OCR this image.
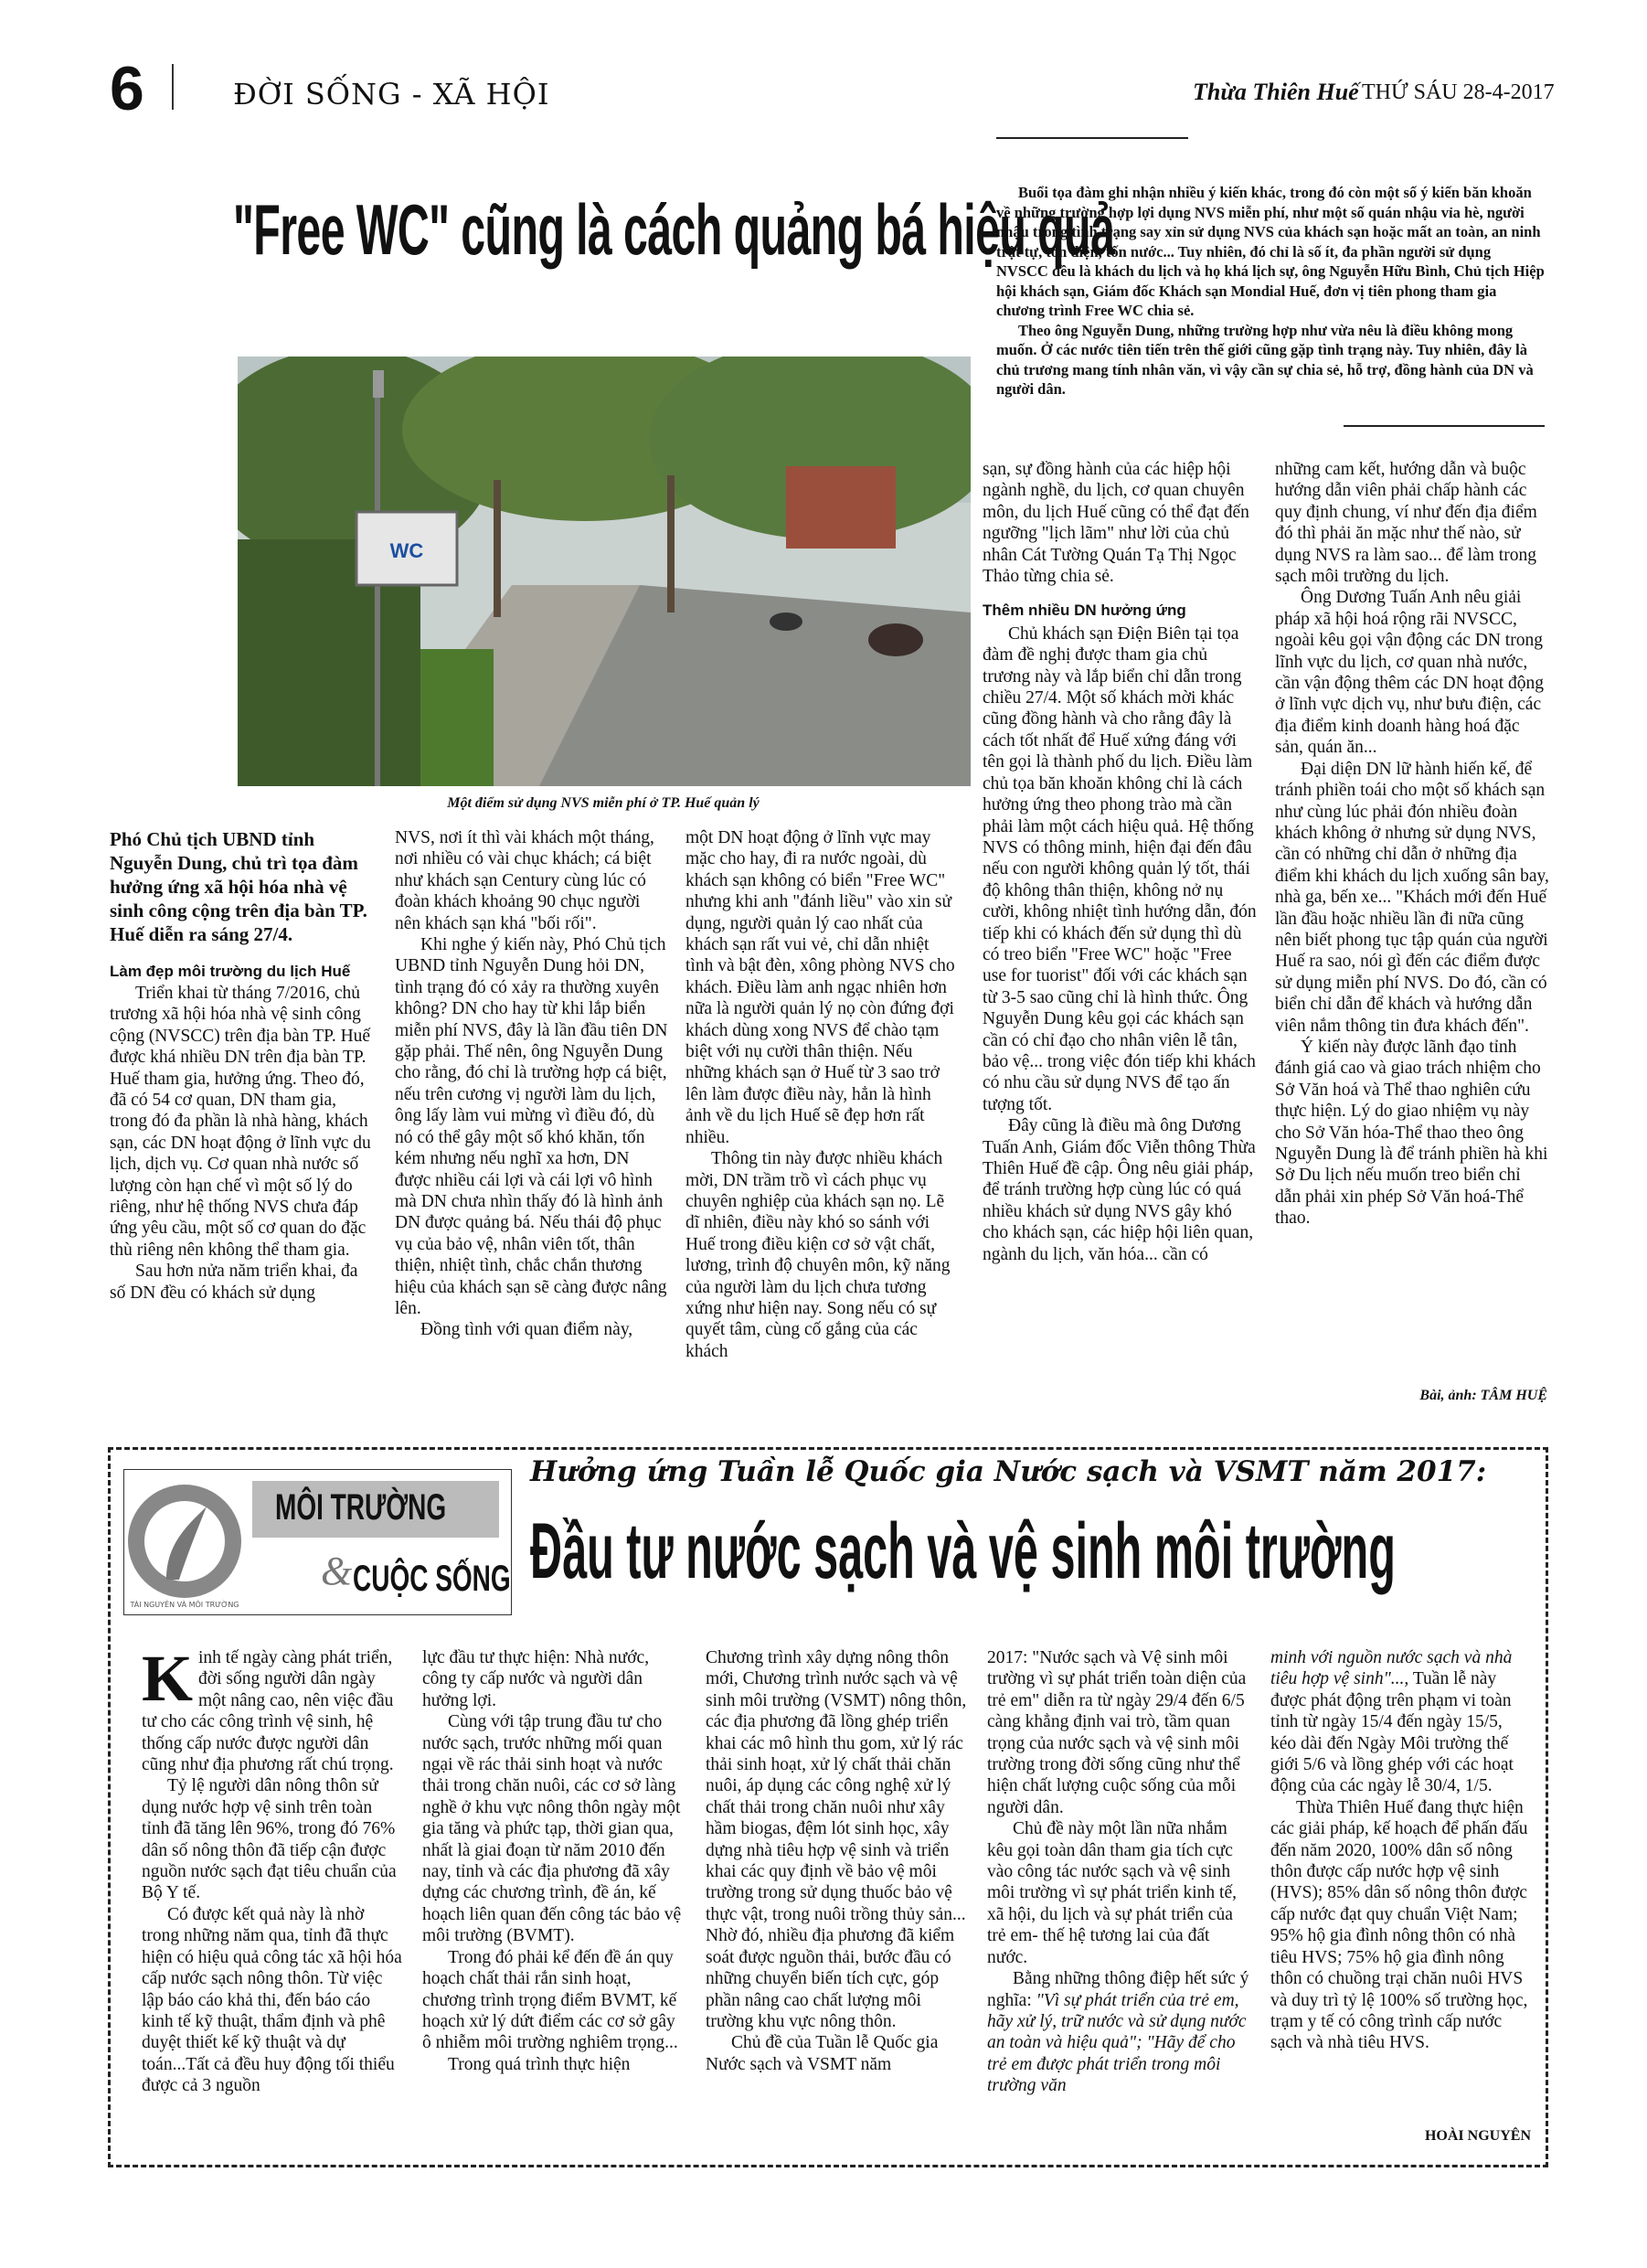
6	ĐỜI SỐNG - XÃ HỘI	Thừa Thiên Huế THỨ SÁU 28-4-2017
"Free WC" cũng là cách quảng bá hiệu quả

Buổi tọa đàm ghi nhận nhiều ý kiến khác, trong đó còn một số ý kiến băn khoăn về những trường hợp lợi dụng NVS miễn phí, như một số quán nhậu vỉa hè, người nhậu trong tình trạng say xỉn sử dụng NVS của khách sạn hoặc mất an toàn, an ninh trật tự, tốn điện, tốn nước... Tuy nhiên, đó chỉ là số ít, đa phần người sử dụng NVSCC đều là khách du lịch và họ khá lịch sự, ông Nguyễn Hữu Bình, Chủ tịch Hiệp hội khách sạn, Giám đốc Khách sạn Mondial Huế, đơn vị tiên phong tham gia chương trình Free WC chia sẻ.

Theo ông Nguyễn Dung, những trường hợp như vừa nêu là điều không mong muốn. Ở các nước tiên tiến trên thế giới cũng gặp tình trạng này. Tuy nhiên, đây là chủ trương mang tính nhân văn, vì vậy cần sự chia sẻ, hỗ trợ, đồng hành của DN và người dân.

WC
Một điểm sử dụng NVS miễn phí ở TP. Huế quản lý
Phó Chủ tịch UBND tỉnh Nguyễn Dung, chủ trì tọa đàm hưởng ứng xã hội hóa nhà vệ sinh công cộng trên địa bàn TP. Huế diễn ra sáng 27/4.
Làm đẹp môi trường du lịch Huế

Triển khai từ tháng 7/2016, chủ trương xã hội hóa nhà vệ sinh công cộng (NVSCC) trên địa bàn TP. Huế được khá nhiều DN trên địa bàn TP. Huế tham gia, hưởng ứng. Theo đó, đã có 54 cơ quan, DN tham gia, trong đó đa phần là nhà hàng, khách sạn, các DN hoạt động ở lĩnh vực du lịch, dịch vụ. Cơ quan nhà nước số lượng còn hạn chế vì một số lý do riêng, như hệ thống NVS chưa đáp ứng yêu cầu, một số cơ quan do đặc thù riêng nên không thể tham gia.

Sau hơn nửa năm triển khai, đa số DN đều có khách sử dụng

NVS, nơi ít thì vài khách một tháng, nơi nhiều có vài chục khách; cá biệt như khách sạn Century cùng lúc có đoàn khách khoảng 90 chục người nên khách sạn khá "bối rối".

Khi nghe ý kiến này, Phó Chủ tịch UBND tỉnh Nguyễn Dung hỏi DN, tình trạng đó có xảy ra thường xuyên không? DN cho hay từ khi lắp biển miễn phí NVS, đây là lần đầu tiên DN gặp phải. Thế nên, ông Nguyễn Dung cho rằng, đó chỉ là trường hợp cá biệt, nếu trên cương vị người làm du lịch, ông lấy làm vui mừng vì điều đó, dù nó có thể gây một số khó khăn, tốn kém nhưng nếu nghĩ xa hơn, DN được nhiều cái lợi và cái lợi vô hình mà DN chưa nhìn thấy đó là hình ảnh DN được quảng bá. Nếu thái độ phục vụ của bảo vệ, nhân viên tốt, thân thiện, nhiệt tình, chắc chắn thương hiệu của khách sạn sẽ càng được nâng lên.

Đồng tình với quan điểm này,

một DN hoạt động ở lĩnh vực may mặc cho hay, đi ra nước ngoài, dù khách sạn không có biển "Free WC" nhưng khi anh "đánh liều" vào xin sử dụng, người quản lý cao nhất của khách sạn rất vui vẻ, chỉ dẫn nhiệt tình và bật đèn, xông phòng NVS cho khách. Điều làm anh ngạc nhiên hơn nữa là người quản lý nọ còn đứng đợi khách dùng xong NVS để chào tạm biệt với nụ cười thân thiện. Nếu những khách sạn ở Huế từ 3 sao trở lên làm được điều này, hẳn là hình ảnh về du lịch Huế sẽ đẹp hơn rất nhiều.

Thông tin này được nhiều khách mời, DN trầm trồ vì cách phục vụ chuyên nghiệp của khách sạn nọ. Lẽ dĩ nhiên, điều này khó so sánh với Huế trong điều kiện cơ sở vật chất, lương, trình độ chuyên môn, kỹ năng của người làm du lịch chưa tương xứng như hiện nay. Song nếu có sự quyết tâm, cùng cố gắng của các khách

sạn, sự đồng hành của các hiệp hội ngành nghề, du lịch, cơ quan chuyên môn, du lịch Huế cũng có thể đạt đến ngưỡng "lịch lãm" như lời của chủ nhân Cát Tường Quán Tạ Thị Ngọc Thảo từng chia sẻ.

Thêm nhiều DN hưởng ứng

Chủ khách sạn Điện Biên tại tọa đàm đề nghị được tham gia chủ trương này và lắp biển chỉ dẫn trong chiều 27/4. Một số khách mời khác cũng đồng hành và cho rằng đây là cách tốt nhất để Huế xứng đáng với tên gọi là thành phố du lịch. Điều làm chủ tọa băn khoăn không chỉ là cách hưởng ứng theo phong trào mà cần phải làm một cách hiệu quả. Hệ thống NVS có thông minh, hiện đại đến đâu nếu con người không quản lý tốt, thái độ không thân thiện, không nở nụ cười, không nhiệt tình hướng dẫn, đón tiếp khi có khách đến sử dụng thì dù có treo biển "Free WC" hoặc "Free use for tuorist" đối với các khách sạn từ 3-5 sao cũng chỉ là hình thức. Ông Nguyễn Dung kêu gọi các khách sạn cần có chỉ đạo cho nhân viên lễ tân, bảo vệ... trong việc đón tiếp khi khách có nhu cầu sử dụng NVS để tạo ấn tượng tốt.

Đây cũng là điều mà ông Dương Tuấn Anh, Giám đốc Viễn thông Thừa Thiên Huế đề cập. Ông nêu giải pháp, để tránh trường hợp cùng lúc có quá nhiều khách sử dụng NVS gây khó cho khách sạn, các hiệp hội liên quan, ngành du lịch, văn hóa... cần có

những cam kết, hướng dẫn và buộc hướng dẫn viên phải chấp hành các quy định chung, ví như đến địa điểm đó thì phải ăn mặc như thế nào, sử dụng NVS ra làm sao... để làm trong sạch môi trường du lịch.

Ông Dương Tuấn Anh nêu giải pháp xã hội hoá rộng rãi NVSCC, ngoài kêu gọi vận động các DN trong lĩnh vực du lịch, cơ quan nhà nước, cần vận động thêm các DN hoạt động ở lĩnh vực dịch vụ, như bưu điện, các địa điểm kinh doanh hàng hoá đặc sản, quán ăn...

Đại diện DN lữ hành hiến kế, để tránh phiền toái cho một số khách sạn như cùng lúc phải đón nhiều đoàn khách không ở nhưng sử dụng NVS, cần có những chỉ dẫn ở những địa điểm khi khách du lịch xuống sân bay, nhà ga, bến xe... "Khách mới đến Huế lần đầu hoặc nhiều lần đi nữa cũng nên biết phong tục tập quán của người Huế ra sao, nói gì đến các điểm được sử dụng miễn phí NVS. Do đó, cần có biển chỉ dẫn để khách và hướng dẫn viên nắm thông tin đưa khách đến".

Ý kiến này được lãnh đạo tỉnh đánh giá cao và giao trách nhiệm cho Sở Văn hoá và Thể thao nghiên cứu thực hiện. Lý do giao nhiệm vụ này cho Sở Văn hóa-Thể thao theo ông Nguyễn Dung là để tránh phiền hà khi Sở Du lịch nếu muốn treo biển chỉ dẫn phải xin phép Sở Văn hoá-Thể thao.

Bài, ảnh: TÂM HUỆ
TÀI NGUYÊN VÀ MÔI TRƯỜNG
MÔI TRƯỜNG
& CUỘC SỐNG
Hưởng ứng Tuần lễ Quốc gia Nước sạch và VSMT năm 2017:
Đầu tư nước sạch và vệ sinh môi trường

Kinh tế ngày càng phát triển, đời sống người dân ngày một nâng cao, nên việc đầu tư cho các công trình vệ sinh, hệ thống cấp nước được người dân cũng như địa phương rất chú trọng.

Tỷ lệ người dân nông thôn sử dụng nước hợp vệ sinh trên toàn tỉnh đã tăng lên 96%, trong đó 76% dân số nông thôn đã tiếp cận được nguồn nước sạch đạt tiêu chuẩn của Bộ Y tế.

Có được kết quả này là nhờ trong những năm qua, tỉnh đã thực hiện có hiệu quả công tác xã hội hóa cấp nước sạch nông thôn. Từ việc lập báo cáo khả thi, đến báo cáo kinh tế kỹ thuật, thẩm định và phê duyệt thiết kế kỹ thuật và dự toán...Tất cả đều huy động tối thiểu được cả 3 nguồn

lực đầu tư thực hiện: Nhà nước, công ty cấp nước và người dân hưởng lợi.

Cùng với tập trung đầu tư cho nước sạch, trước những mối quan ngại về rác thải sinh hoạt và nước thải trong chăn nuôi, các cơ sở làng nghề ở khu vực nông thôn ngày một gia tăng và phức tạp, thời gian qua, nhất là giai đoạn từ năm 2010 đến nay, tỉnh và các địa phương đã xây dựng các chương trình, đề án, kế hoạch liên quan đến công tác bảo vệ môi trường (BVMT).

Trong đó phải kể đến đề án quy hoạch chất thải rắn sinh hoạt, chương trình trọng điểm BVMT, kế hoạch xử lý dứt điểm các cơ sở gây ô nhiễm môi trường nghiêm trọng...

Trong quá trình thực hiện

Chương trình xây dựng nông thôn mới, Chương trình nước sạch và vệ sinh môi trường (VSMT) nông thôn, các địa phương đã lồng ghép triển khai các mô hình thu gom, xử lý rác thải sinh hoạt, xử lý chất thải chăn nuôi, áp dụng các công nghệ xử lý chất thải trong chăn nuôi như xây hầm biogas, đệm lót sinh học, xây dựng nhà tiêu hợp vệ sinh và triển khai các quy định về bảo vệ môi trường trong sử dụng thuốc bảo vệ thực vật, trong nuôi trồng thủy sản... Nhờ đó, nhiều địa phương đã kiểm soát được nguồn thải, bước đầu có những chuyển biến tích cực, góp phần nâng cao chất lượng môi trường khu vực nông thôn.

Chủ đề của Tuần lễ Quốc gia Nước sạch và VSMT năm

2017: "Nước sạch và Vệ sinh môi trường vì sự phát triển toàn diện của trẻ em" diễn ra từ ngày 29/4 đến 6/5 càng khẳng định vai trò, tầm quan trọng của nước sạch và vệ sinh môi trường trong đời sống cũng như thể hiện chất lượng cuộc sống của mỗi người dân.

Chủ đề này một lần nữa nhắm kêu gọi toàn dân tham gia tích cực vào công tác nước sạch và vệ sinh môi trường vì sự phát triển kinh tế, xã hội, du lịch và sự phát triển của trẻ em- thế hệ tương lai của đất nước.

Bằng những thông điệp hết sức ý nghĩa: "Vì sự phát triển của trẻ em, hãy xử lý, trữ nước và sử dụng nước an toàn và hiệu quả"; "Hãy để cho trẻ em được phát triển trong môi trường văn

minh với nguồn nước sạch và nhà tiêu hợp vệ sinh"..., Tuần lễ này được phát động trên phạm vi toàn tỉnh từ ngày 15/4 đến ngày 15/5, kéo dài đến Ngày Môi trường thế giới 5/6 và lồng ghép với các hoạt động của các ngày lễ 30/4, 1/5.

Thừa Thiên Huế đang thực hiện các giải pháp, kế hoạch để phấn đấu đến năm 2020, 100% dân số nông thôn được cấp nước hợp vệ sinh (HVS); 85% dân số nông thôn được cấp nước đạt quy chuẩn Việt Nam; 95% hộ gia đình nông thôn có nhà tiêu HVS; 75% hộ gia đình nông thôn có chuồng trại chăn nuôi HVS và duy trì tỷ lệ 100% số trường học, trạm y tế có công trình cấp nước sạch và nhà tiêu HVS.

HOÀI NGUYÊN
